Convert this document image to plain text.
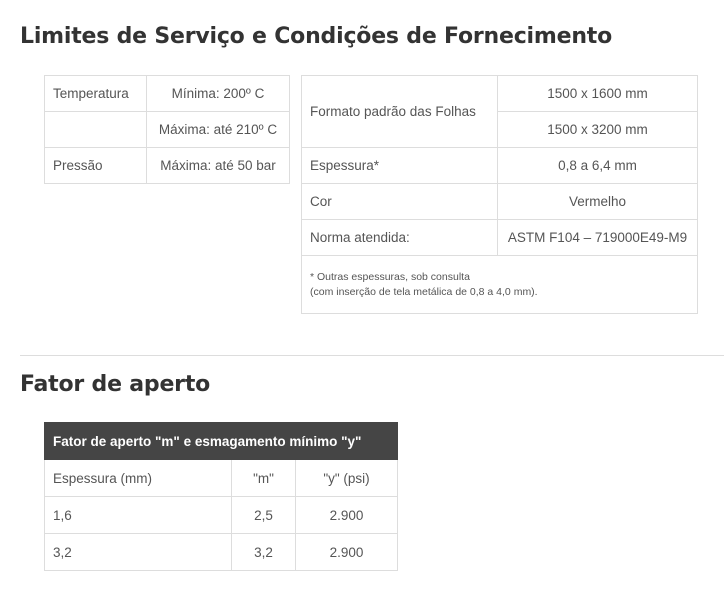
Limites de Serviço e Condições de Fornecimento
Temperatura	Mínima: 200º C
	Máxima: até 210º C
Pressão	Máxima: até 50 bar
Formato padrão das Folhas	1500 x 1600 mm
	1500 x 3200 mm
Espessura*	0,8 a 6,4 mm
Cor	Vermelho
Norma atendida:	ASTM F104 – 719000E49-M9
* Outras espessuras, sob consulta
(com inserção de tela metálica de 0,8 a 4,0 mm).	
Fator de aperto
Fator de aperto "m" e esmagamento mínimo "y"		
Espessura (mm)	"m"	"y" (psi)
1,6	2,5	2.900
3,2	3,2	2.900
